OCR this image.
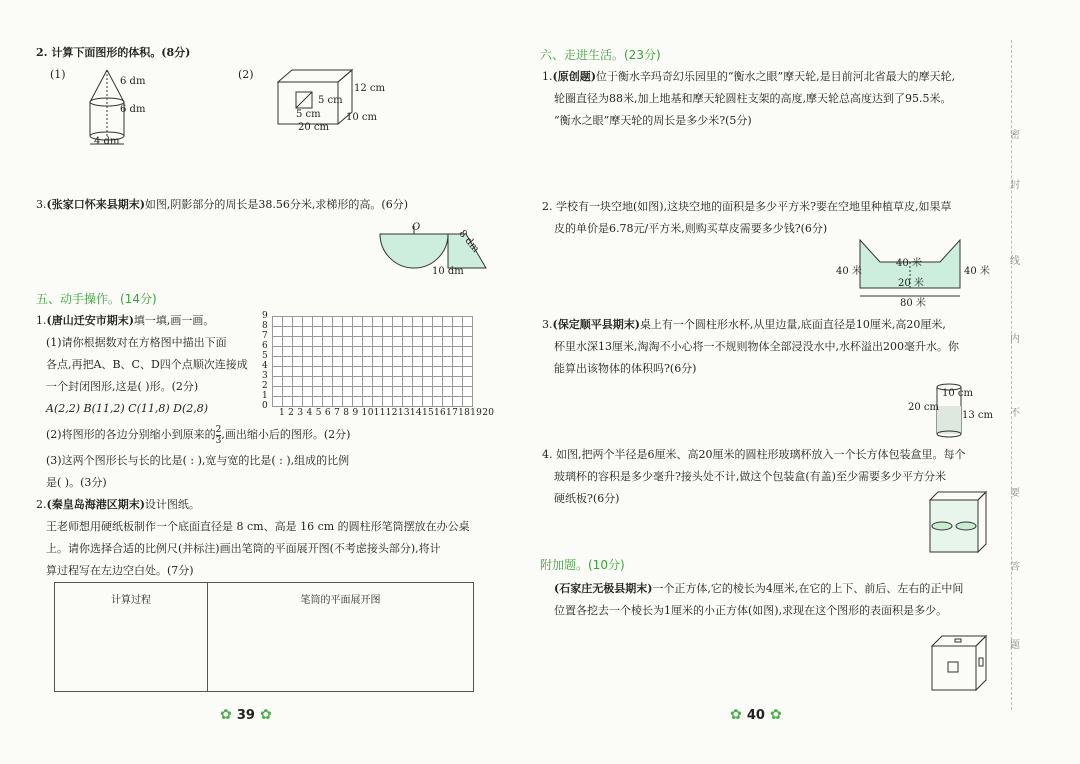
2. 计算下面图形的体积。(8分)
(1)	(2)
6 dm
6 dm
4 dm
12 cm
5 cm
5 cm	10 cm
20 cm
3.(张家口怀来县期末)如图,阴影部分的周长是38.56分米,求梯形的高。(6分)
O
8 dm
10 dm
五、动手操作。(14分)
1.(唐山迁安市期末)填一填,画一画。
(1)请你根据数对在方格图中描出下面
各点,再把A、B、C、D四个点顺次连接成
一个封闭图形,这是( )形。(2分)
A(2,2) B(11,2) C(11,8) D(2,8)
9
8
7
6
5
4
3
2
1
0
1 2 3 4 5 6 7 8 9 1011121314151617181920
(2)将图形的各边分别缩小到原来的 $\frac{2}{3}$ ,画出缩小后的图形。(2分)
(3)这两个图形长与长的比是( : ),宽与宽的比是( : ),组成的比例
是( )。(3分)
2.(秦皇岛海港区期末)设计图纸。
王老师想用硬纸板制作一个底面直径是 8 cm、高是 16 cm 的圆柱形笔筒摆放在办公桌
上。请你选择合适的比例尺(并标注)画出笔筒的平面展开图(不考虑接头部分),将计
算过程写在左边空白处。(7分)
计算过程	笔筒的平面展开图
✿ 39 ✿
六、走进生活。(23分)
1.(原创题)位于衡水辛玛奇幻乐园里的“衡水之眼”摩天轮,是目前河北省最大的摩天轮,
轮圈直径为88米,加上地基和摩天轮圆柱支架的高度,摩天轮总高度达到了95.5米。
“衡水之眼”摩天轮的周长是多少米?(5分)
2. 学校有一块空地(如图),这块空地的面积是多少平方米?要在空地里种植草皮,如果草
皮的单价是6.78元/平方米,则购买草皮需要多少钱?(6分)
40 米
40 米	40 米
20 米
80 米
3.(保定顺平县期末)桌上有一个圆柱形水杯,从里边量,底面直径是10厘米,高20厘米,
杯里水深13厘米,淘淘不小心将一不规则物体全部浸没水中,水杯溢出200毫升水。你
能算出该物体的体积吗?(6分)
10 cm
20 cm
13 cm
4. 如图,把两个半径是6厘米、高20厘米的圆柱形玻璃杯放入一个长方体包装盒里。每个
玻璃杯的容积是多少毫升?接头处不计,做这个包装盒(有盖)至少需要多少平方分米
硬纸板?(6分)
附加题。(10分)
(石家庄无极县期末)一个正方体,它的棱长为4厘米,在它的上下、前后、左右的正中间
位置各挖去一个棱长为1厘米的小正方体(如图),求现在这个图形的表面积是多少。
✿ 40 ✿
密
封
线
内
不
要
答
题
